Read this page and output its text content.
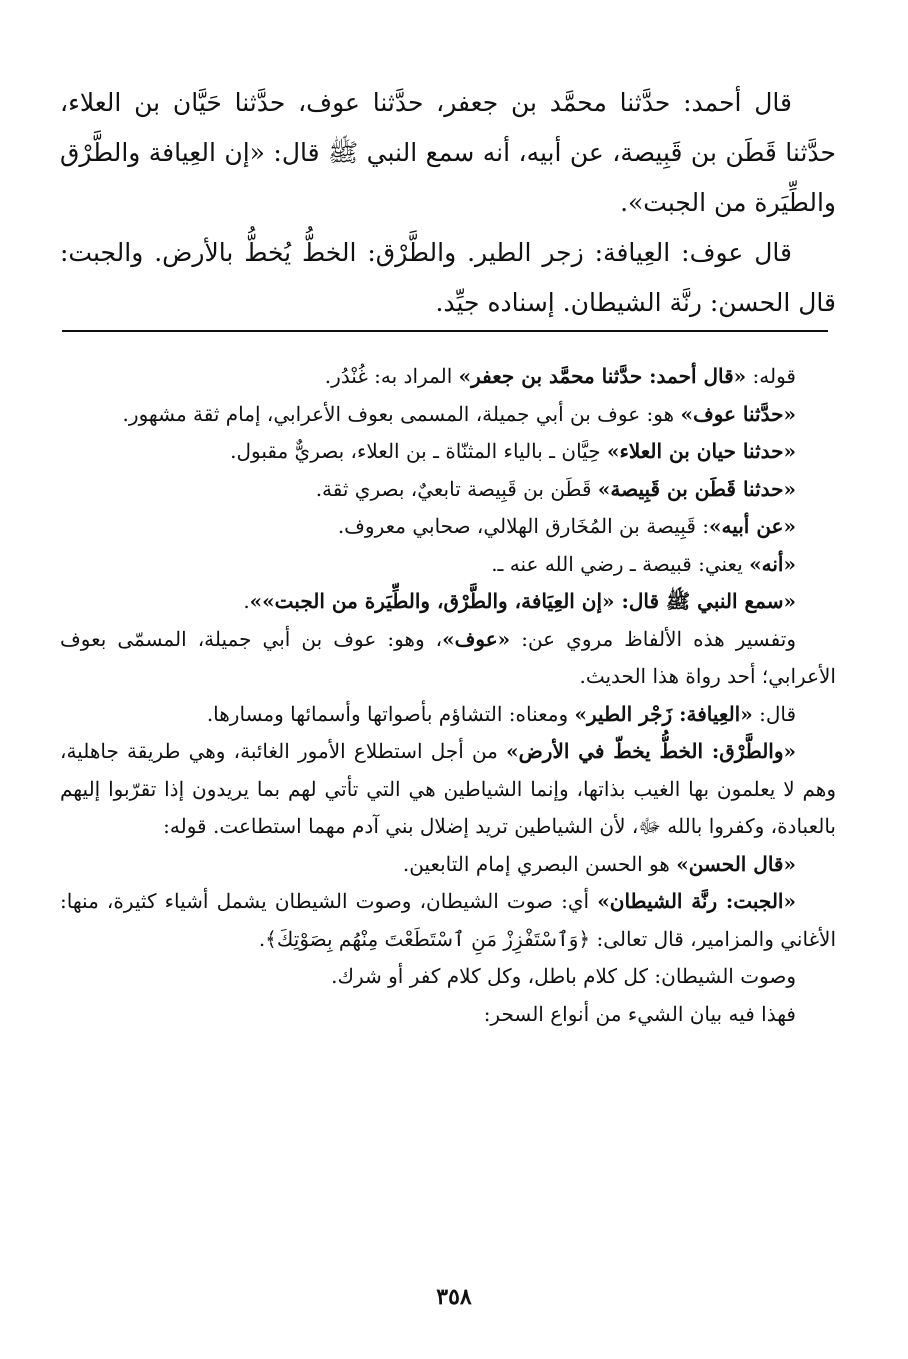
قال أحمد: حدَّثنا محمَّد بن جعفر، حدَّثنا عوف، حدَّثنا حَيَّان بن العلاء، حدَّثنا قَطَن بن قَبِيصة، عن أبيه، أنه سمع النبي ﷺ قال: «إن العِيافة والطَّرْق والطِّيَرة من الجبت».

قال عوف: العِيافة: زجر الطير. والطَّرْق: الخطُّ يُخطُّ بالأرض. والجبت: قال الحسن: رنَّة الشيطان. إسناده جيِّد.

قوله: «قال أحمد: حدَّثنا محمَّد بن جعفر» المراد به: غُنْدُر.

«حدَّثنا عوف» هو: عوف بن أبي جميلة، المسمى بعوف الأعرابي، إمام ثقة مشهور.

«حدثنا حيان بن العلاء» حِيَّان ـ بالياء المثنّاة ـ بن العلاء، بصريٌّ مقبول.

«حدثنا قَطَن بن قَبِيصة» قَطَن بن قَبِيصة تابعيٌ، بصري ثقة.

«عن أبيه»: قَبِيصة بن المُخَارق الهلالي، صحابي معروف.

«أنه» يعني: قبيصة ـ رضي الله عنه ـ.

«سمع النبي ﷺ قال: «إن العِيَافة، والطَّرْق، والطِّيَرة من الجبت»».

وتفسير هذه الألفاظ مروي عن: «عوف»، وهو: عوف بن أبي جميلة، المسمّى بعوف الأعرابي؛ أحد رواة هذا الحديث.

قال: «العِيافة: زَجْر الطير» ومعناه: التشاؤم بأصواتها وأسمائها ومسارها.

«والطَّرْق: الخطُّ يخطّ في الأرض» من أجل استطلاع الأمور الغائبة، وهي طريقة جاهلية، وهم لا يعلمون بها الغيب بذاتها، وإنما الشياطين هي التي تأتي لهم بما يريدون إذا تقرّبوا إليهم بالعبادة، وكفروا بالله ﷻ، لأن الشياطين تريد إضلال بني آدم مهما استطاعت. قوله:

«قال الحسن» هو الحسن البصري إمام التابعين.

«الجبت: رنَّة الشيطان» أي: صوت الشيطان، وصوت الشيطان يشمل أشياء كثيرة، منها: الأغاني والمزامير، قال تعالى: ﴿وَٱسْتَفْزِزْ مَنِ ٱسْتَطَعْتَ مِنْهُم بِصَوْتِكَ﴾.

وصوت الشيطان: كل كلام باطل، وكل كلام كفر أو شرك.

فهذا فيه بيان الشيء من أنواع السحر:

٣٥٨
